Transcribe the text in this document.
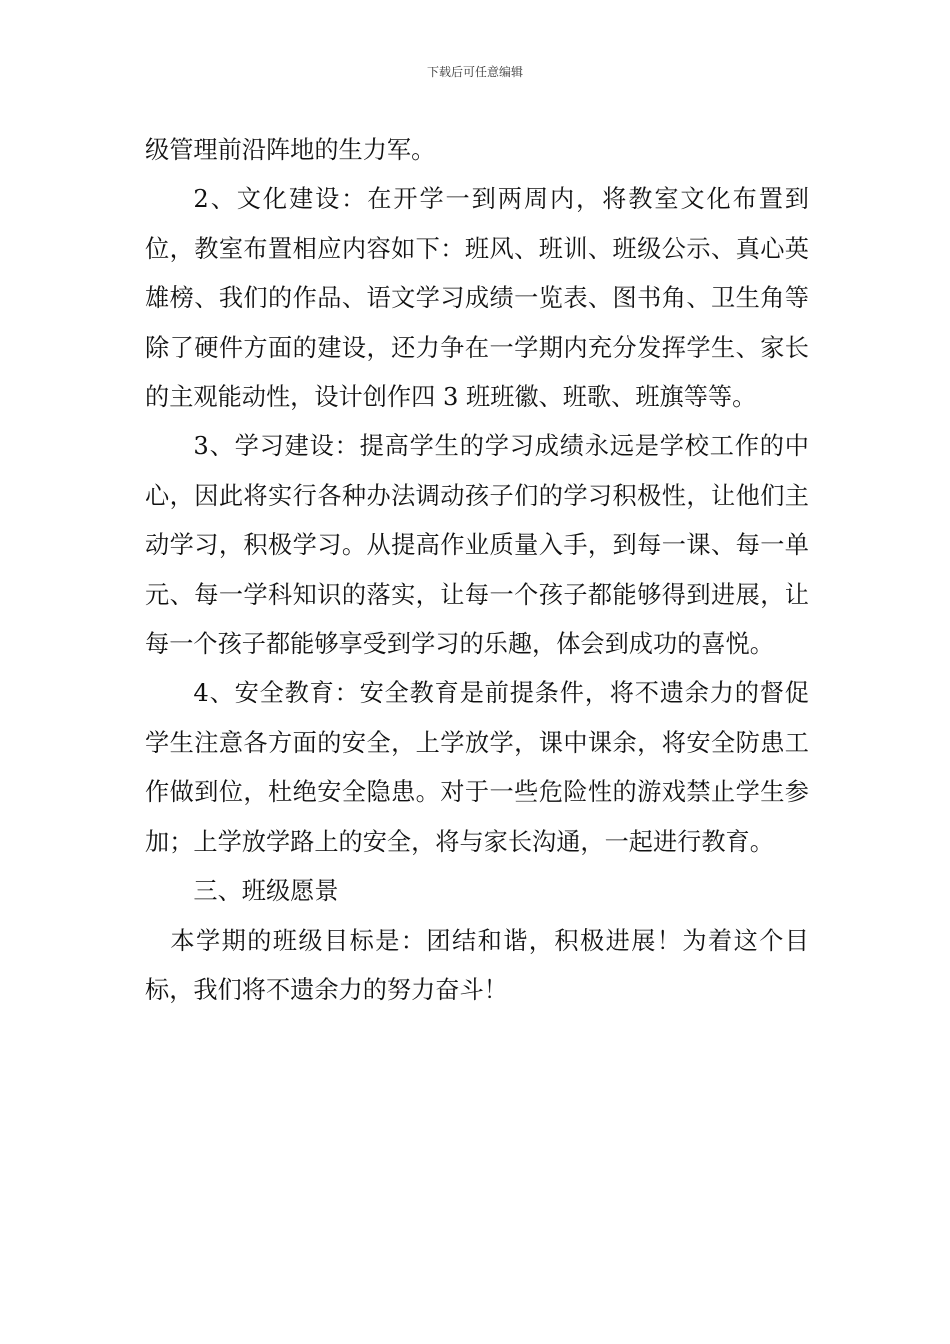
下载后可任意编辑

级管理前沿阵地的生力军。

2、文化建设：在开学一到两周内，将教室文化布置到位，教室布置相应内容如下：班风、班训、班级公示、真心英雄榜、我们的作品、语文学习成绩一览表、图书角、卫生角等除了硬件方面的建设，还力争在一学期内充分发挥学生、家长的主观能动性，设计创作四 3 班班徽、班歌、班旗等等。

3、学习建设：提高学生的学习成绩永远是学校工作的中心，因此将实行各种办法调动孩子们的学习积极性，让他们主动学习，积极学习。从提高作业质量入手，到每一课、每一单元、每一学科知识的落实，让每一个孩子都能够得到进展，让每一个孩子都能够享受到学习的乐趣，体会到成功的喜悦。

4、安全教育：安全教育是前提条件，将不遗余力的督促学生注意各方面的安全，上学放学，课中课余，将安全防患工作做到位，杜绝安全隐患。对于一些危险性的游戏禁止学生参加；上学放学路上的安全，将与家长沟通，一起进行教育。

三、班级愿景

本学期的班级目标是：团结和谐，积极进展！为着这个目标，我们将不遗余力的努力奋斗！
